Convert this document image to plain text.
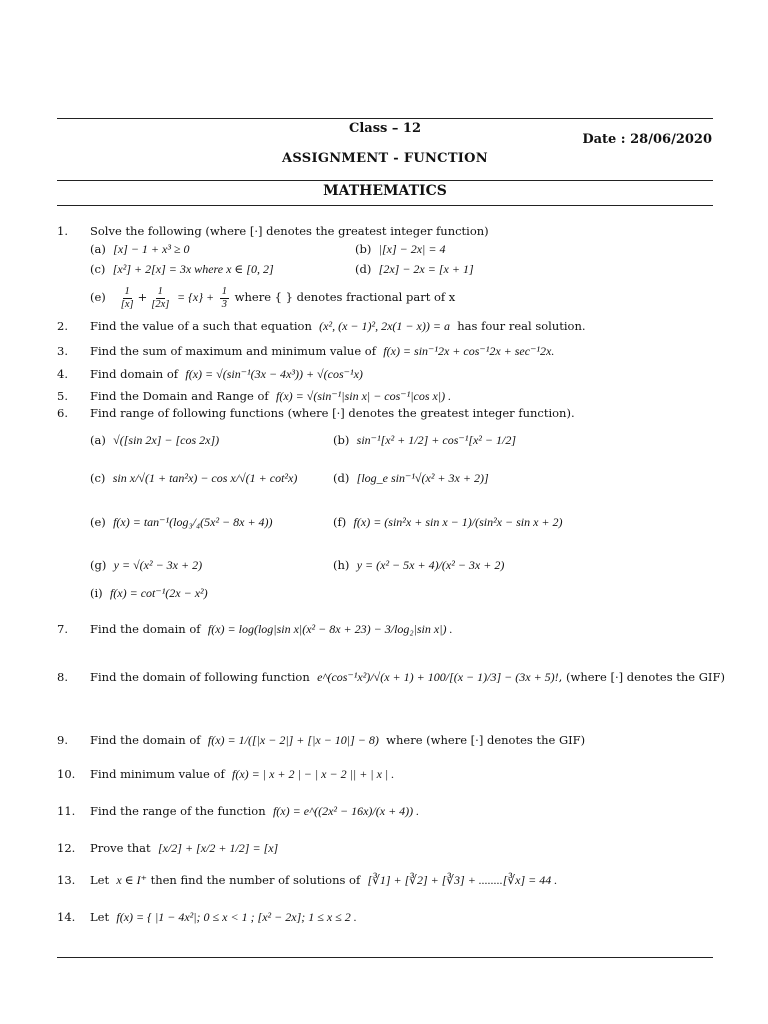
Class – 12
Date : 28/06/2020
ASSIGNMENT - FUNCTION
MATHEMATICS
1.	Solve the following (where [·] denotes the greatest integer function)
(a) [x] − 1 + x³ ≥ 0	(b) |[x] − 2x| = 4
(c) [x²] + 2[x] = 3x where x ∈ [0, 2]	(d) [2x] − 2x = [x + 1]
$(e) \frac{1}{[x]} + \frac{1}{[2x]} = \{x\} + \frac{1}{3}$ where { } denotes fractional part of x
2.	Find the value of a such that equation (x², (x − 1)², 2x(1 − x)) = a has four real solution.
3.	Find the sum of maximum and minimum value of f(x) = sin⁻¹2x + cos⁻¹2x + sec⁻¹2x.
4.	Find domain of f(x) = √(sin⁻¹(3x − 4x³)) + √(cos⁻¹x)
5.	Find the Domain and Range of f(x) = √(sin⁻¹|sin x| − cos⁻¹|cos x|) .
6.	Find range of following functions (where [·] denotes the greatest integer function).
(a) √([sin 2x] − [cos 2x])	(b) sin⁻¹[x² + 1/2] + cos⁻¹[x² − 1/2]
(c) sin x/√(1 + tan²x) − cos x/√(1 + cot²x)	(d) [log_e sin⁻¹√(x² + 3x + 2)]
(e) f(x) = tan⁻¹(log₃/₄(5x² − 8x + 4))	(f) f(x) = (sin²x + sin x − 1)/(sin²x − sin x + 2)
(g) y = √(x² − 3x + 2)	(h) y = (x² − 5x + 4)/(x² − 3x + 2)
(i) f(x) = cot⁻¹(2x − x²)
7.	Find the domain of f(x) = log(log|sin x|(x² − 8x + 23) − 3/log₂|sin x|) .
8.	Find the domain of following function e^(cos⁻¹x²)/√(x + 1) + 100/[(x − 1)/3] − (3x + 5)!, (where [·] denotes the GIF)
9.	Find the domain of f(x) = 1/([|x − 2|] + [|x − 10|] − 8) where (where [·] denotes the GIF)
10.	Find minimum value of f(x) = | x + 2 | − | x − 2 || + | x | .
11.	Find the range of the function f(x) = e^((2x² − 16x)/(x + 4)) .
12.	Prove that [x/2] + [x/2 + 1/2] = [x]
13.	Let x ∈ I⁺ then find the number of solutions of [∛1] + [∛2] + [∛3] + ........[∛x] = 44 .
14.	Let f(x) = { |1 − 4x²|; 0 ≤ x < 1 ; [x² − 2x]; 1 ≤ x ≤ 2 .
